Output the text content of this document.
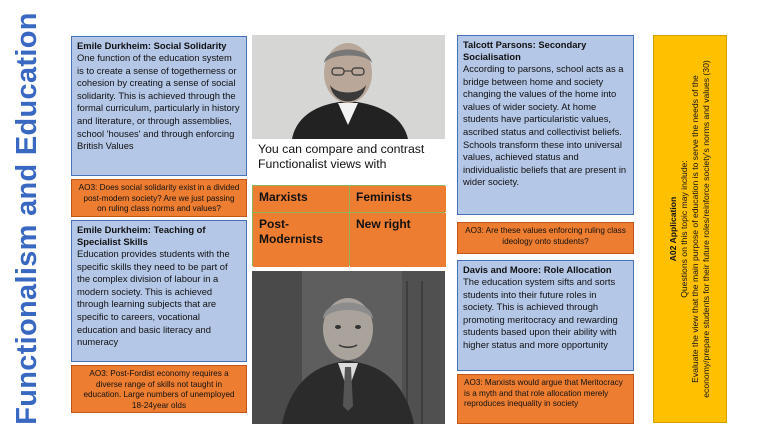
Functionalism and Education	Emile Durkheim: Social Solidarity

One function of the education system is to create a sense of togetherness or cohesion by creating a sense of social solidarity. This is achieved through the formal curriculum, particularly in history and literature, or through assemblies, school 'houses' and through enforcing British Values

AO3: Does social solidarity exist in a divided post-modern society? Are we just passing on ruling class norms and values?
Emile Durkheim: Teaching of Specialist Skills

Education provides students with the specific skills they need to be part of the complex division of labour in a modern society. This is achieved through learning subjects that are specific to careers, vocational education and basic literacy and numeracy

AO3: Post-Fordist economy requires a diverse range of skills not taught in education. Large numbers of unemployed 18-24year olds
You can compare and contrast Functionalist views with
Marxists	Feminists
Post-Modernists
New right
Talcott Parsons: Secondary Socialisation

According to parsons, school acts as a bridge between home and society changing the values of the home into values of wider society. At home students have particularistic values, ascribed status and collectivist beliefs. Schools transform these into universal values, achieved status and individualistic beliefs that are present in wider society.

AO3: Are these values enforcing ruling class ideology onto students?
Davis and Moore: Role Allocation

The education system sifts and sorts students into their future roles in society. This is achieved through promoting meritocracy and rewarding students based upon their ability with higher status and more opportunity

AO3: Marxists would argue that Meritocracy is a myth and that role allocation merely reproduces inequality in society
A02 Application Questions on this topic may include: Evaluate the view that the main purpose of education is to serve the needs of the economy/prepare students for their future roles/reinforce society's norms and values (30)
